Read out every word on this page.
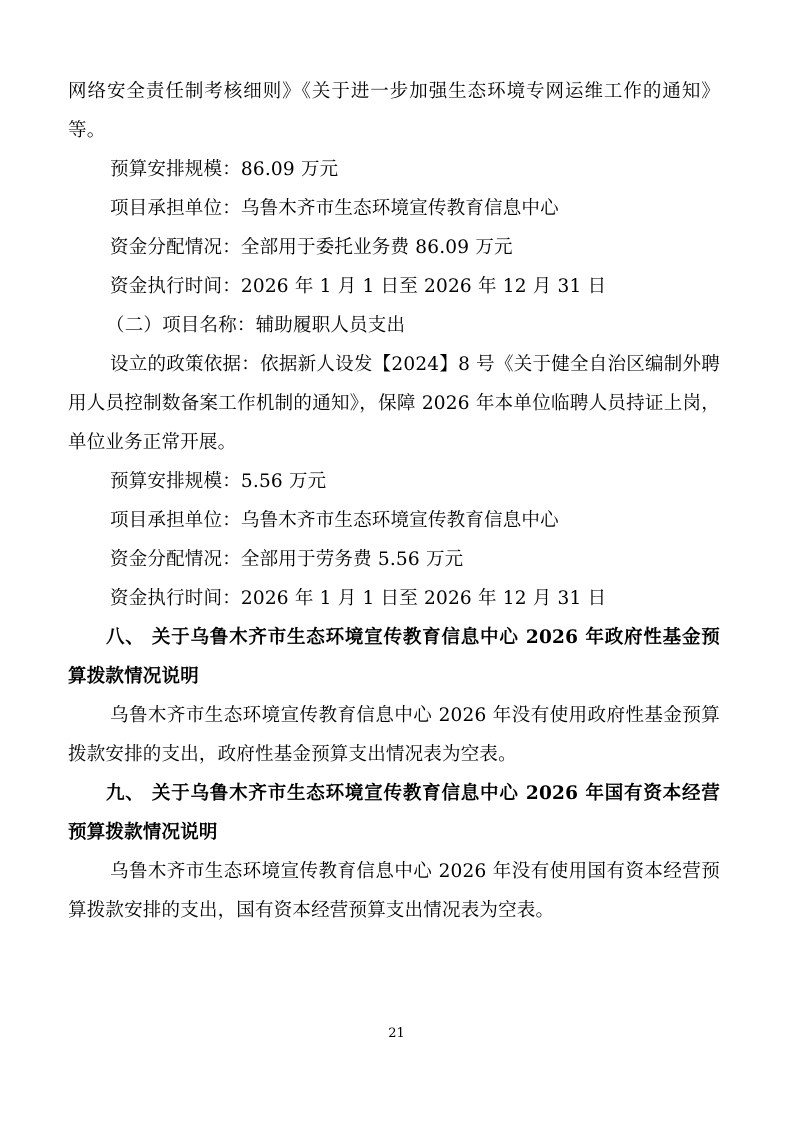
网络安全责任制考核细则》《关于进一步加强生态环境专网运维工作的通知》等。

预算安排规模：86.09 万元

项目承担单位：乌鲁木齐市生态环境宣传教育信息中心

资金分配情况：全部用于委托业务费 86.09 万元

资金执行时间：2026 年 1 月 1 日至 2026 年 12 月 31 日

（二）项目名称：辅助履职人员支出

设立的政策依据：依据新人设发【2024】8 号《关于健全自治区编制外聘用人员控制数备案工作机制的通知》，保障 2026 年本单位临聘人员持证上岗，单位业务正常开展。

预算安排规模：5.56 万元

项目承担单位：乌鲁木齐市生态环境宣传教育信息中心

资金分配情况：全部用于劳务费 5.56 万元

资金执行时间：2026 年 1 月 1 日至 2026 年 12 月 31 日

八、 关于乌鲁木齐市生态环境宣传教育信息中心 2026 年政府性基金预算拨款情况说明

乌鲁木齐市生态环境宣传教育信息中心 2026 年没有使用政府性基金预算拨款安排的支出，政府性基金预算支出情况表为空表。

九、 关于乌鲁木齐市生态环境宣传教育信息中心 2026 年国有资本经营预算拨款情况说明

乌鲁木齐市生态环境宣传教育信息中心 2026 年没有使用国有资本经营预算拨款安排的支出，国有资本经营预算支出情况表为空表。

21
